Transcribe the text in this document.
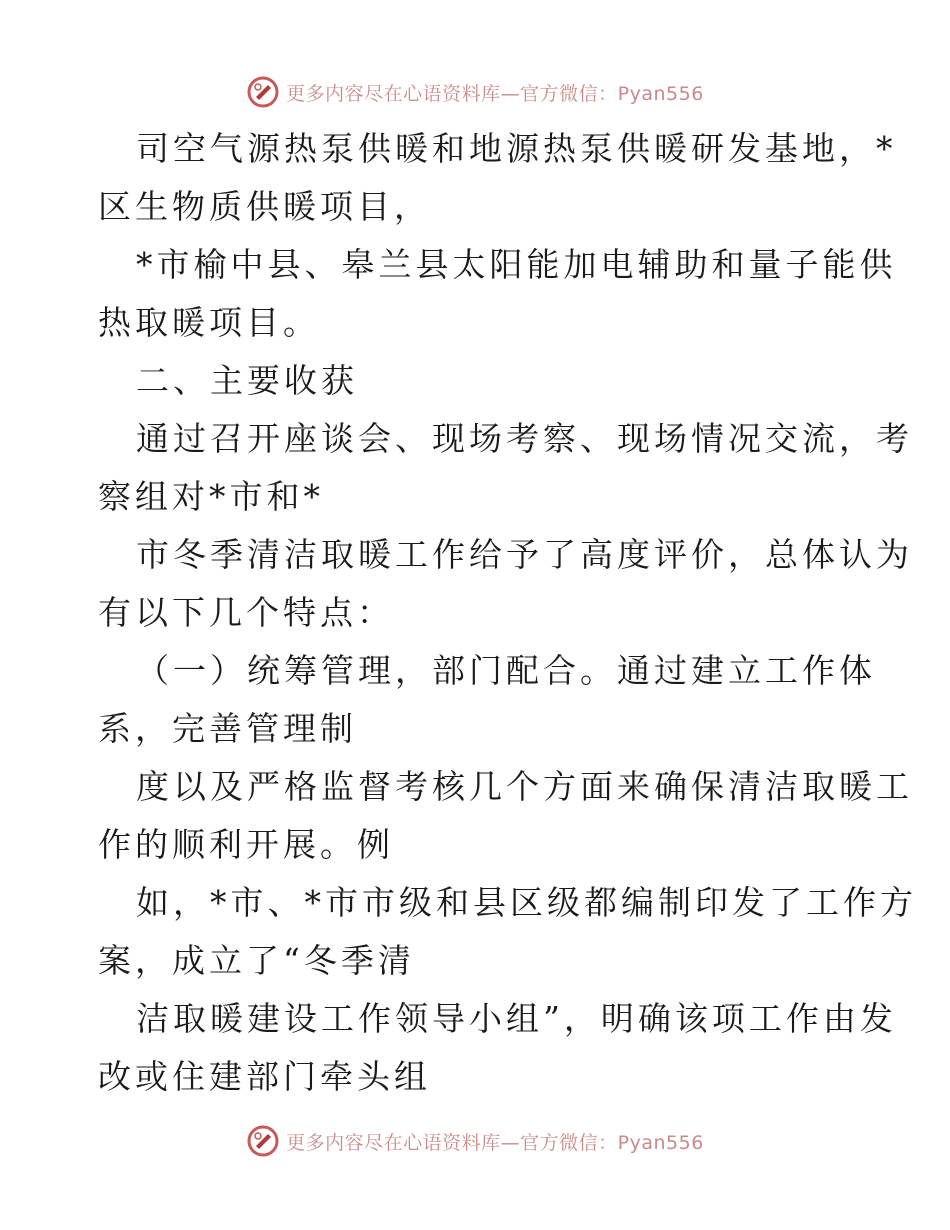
更多内容尽在心语资料库—官方微信：Pyan556
司空气源热泵供暖和地源热泵供暖研发基地，*
区生物质供暖项目，
*市榆中县、皋兰县太阳能加电辅助和量子能供
热取暖项目。
二、主要收获
通过召开座谈会、现场考察、现场情况交流，考
察组对*市和*
市冬季清洁取暖工作给予了高度评价，总体认为
有以下几个特点：
（一）统筹管理，部门配合。通过建立工作体
系，完善管理制
度以及严格监督考核几个方面来确保清洁取暖工
作的顺利开展。例
如，*市、*市市级和县区级都编制印发了工作方
案，成立了“冬季清
洁取暖建设工作领导小组”，明确该项工作由发
改或住建部门牵头组
更多内容尽在心语资料库—官方微信：Pyan556
